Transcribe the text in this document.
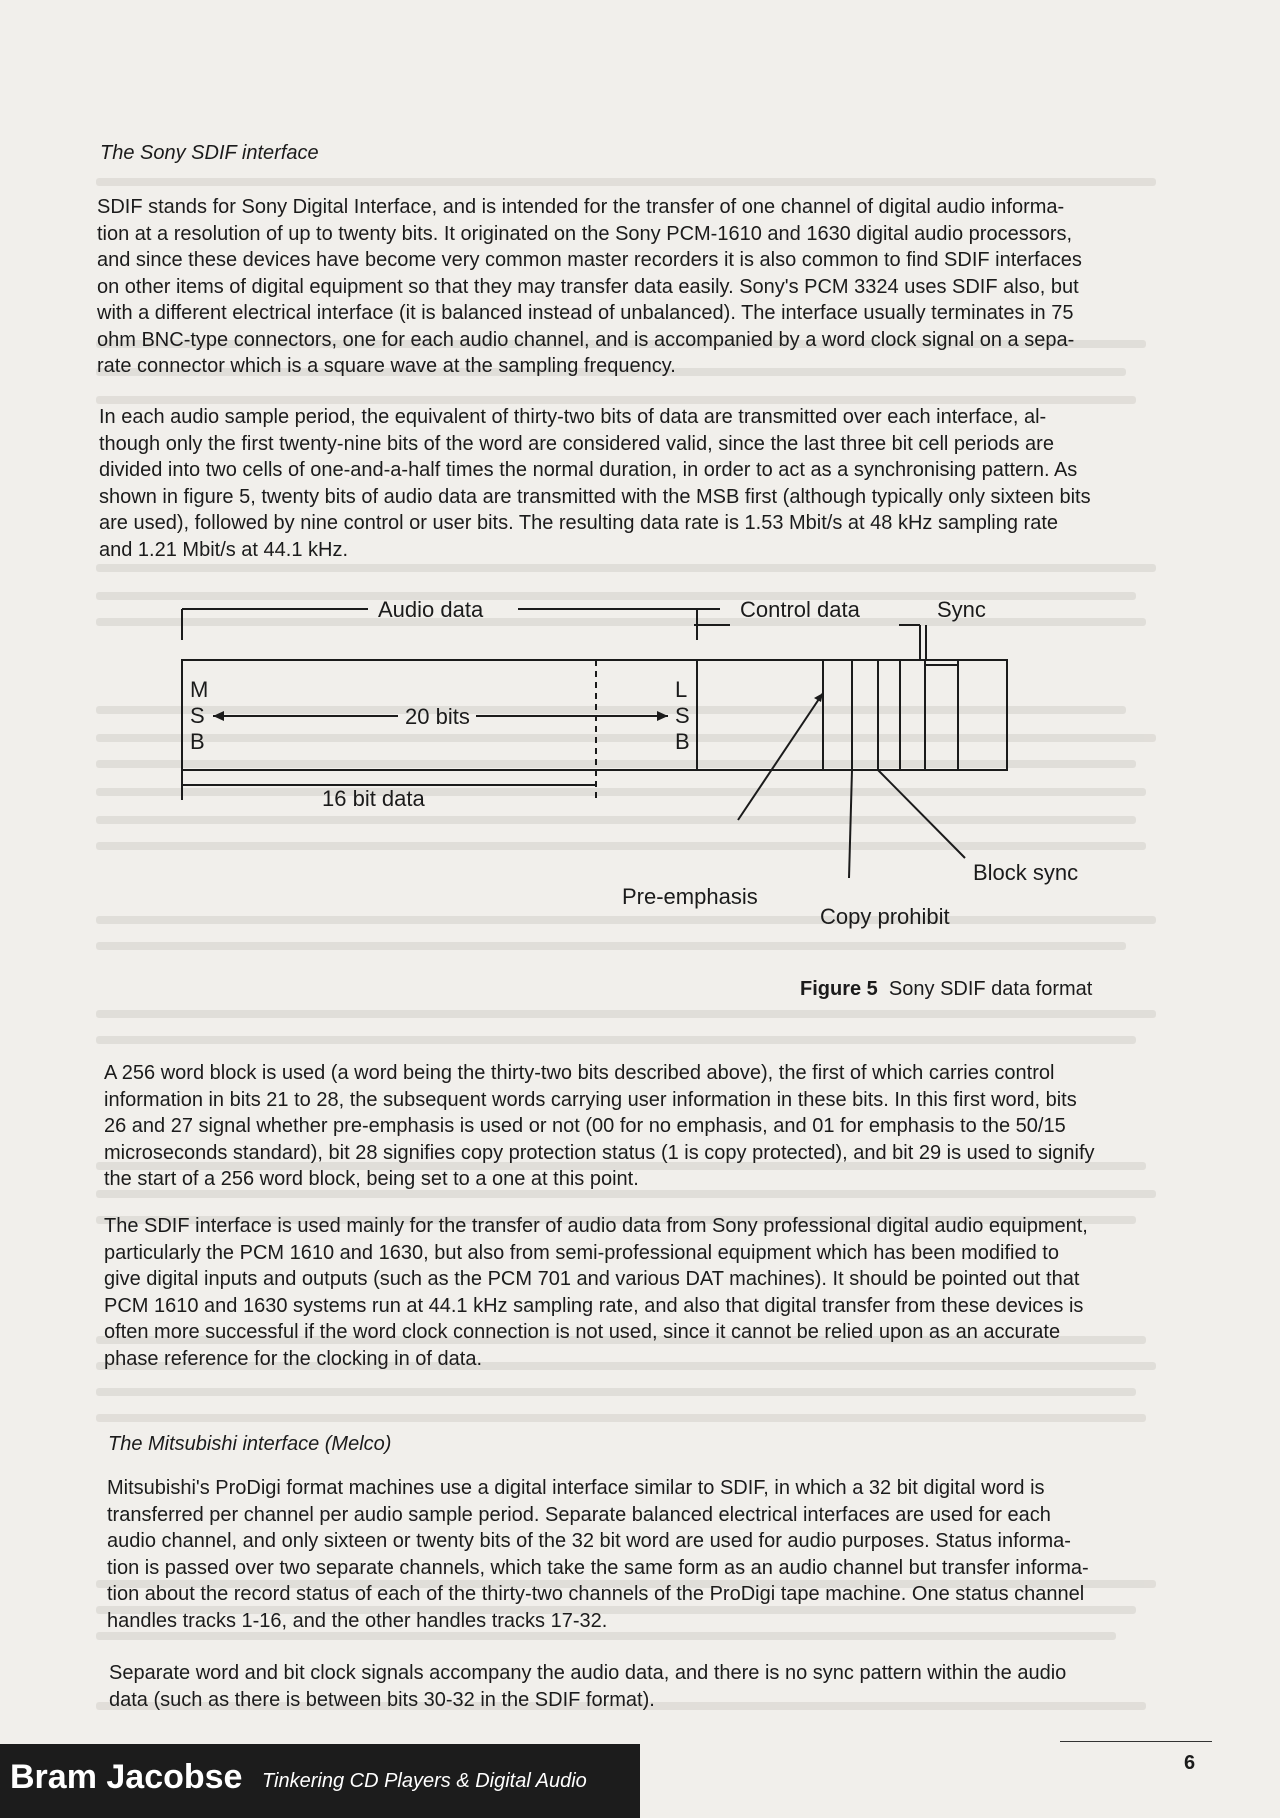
The Sony SDIF interface
SDIF stands for Sony Digital Interface, and is intended for the transfer of one channel of digital audio informa-
tion at a resolution of up to twenty bits. It originated on the Sony PCM-1610 and 1630 digital audio processors,
and since these devices have become very common master recorders it is also common to find SDIF interfaces
on other items of digital equipment so that they may transfer data easily. Sony's PCM 3324 uses SDIF also, but
with a different electrical interface (it is balanced instead of unbalanced). The interface usually terminates in 75
ohm BNC-type connectors, one for each audio channel, and is accompanied by a word clock signal on a sepa-
rate connector which is a square wave at the sampling frequency.
In each audio sample period, the equivalent of thirty-two bits of data are transmitted over each interface, al-
though only the first twenty-nine bits of the word are considered valid, since the last three bit cell periods are
divided into two cells of one-and-a-half times the normal duration, in order to act as a synchronising pattern. As
shown in figure 5, twenty bits of audio data are transmitted with the MSB first (although typically only sixteen bits
are used), followed by nine control or user bits. The resulting data rate is 1.53 Mbit/s at 48 kHz sampling rate
and 1.21 Mbit/s at 44.1 kHz.
Audio data	Control data	Sync
M
S
B
L
S
B
20 bits
16 bit data
Pre-emphasis
Copy prohibit
Block sync
Figure 5 Sony SDIF data format
A 256 word block is used (a word being the thirty-two bits described above), the first of which carries control
information in bits 21 to 28, the subsequent words carrying user information in these bits. In this first word, bits
26 and 27 signal whether pre-emphasis is used or not (00 for no emphasis, and 01 for emphasis to the 50/15
microseconds standard), bit 28 signifies copy protection status (1 is copy protected), and bit 29 is used to signify
the start of a 256 word block, being set to a one at this point.
The SDIF interface is used mainly for the transfer of audio data from Sony professional digital audio equipment,
particularly the PCM 1610 and 1630, but also from semi-professional equipment which has been modified to
give digital inputs and outputs (such as the PCM 701 and various DAT machines). It should be pointed out that
PCM 1610 and 1630 systems run at 44.1 kHz sampling rate, and also that digital transfer from these devices is
often more successful if the word clock connection is not used, since it cannot be relied upon as an accurate
phase reference for the clocking in of data.
The Mitsubishi interface (Melco)
Mitsubishi's ProDigi format machines use a digital interface similar to SDIF, in which a 32 bit digital word is
transferred per channel per audio sample period. Separate balanced electrical interfaces are used for each
audio channel, and only sixteen or twenty bits of the 32 bit word are used for audio purposes. Status informa-
tion is passed over two separate channels, which take the same form as an audio channel but transfer informa-
tion about the record status of each of the thirty-two channels of the ProDigi tape machine. One status channel
handles tracks 1-16, and the other handles tracks 17-32.
Separate word and bit clock signals accompany the audio data, and there is no sync pattern within the audio
data (such as there is between bits 30-32 in the SDIF format).
6
Bram Jacobse Tinkering CD Players & Digital Audio
